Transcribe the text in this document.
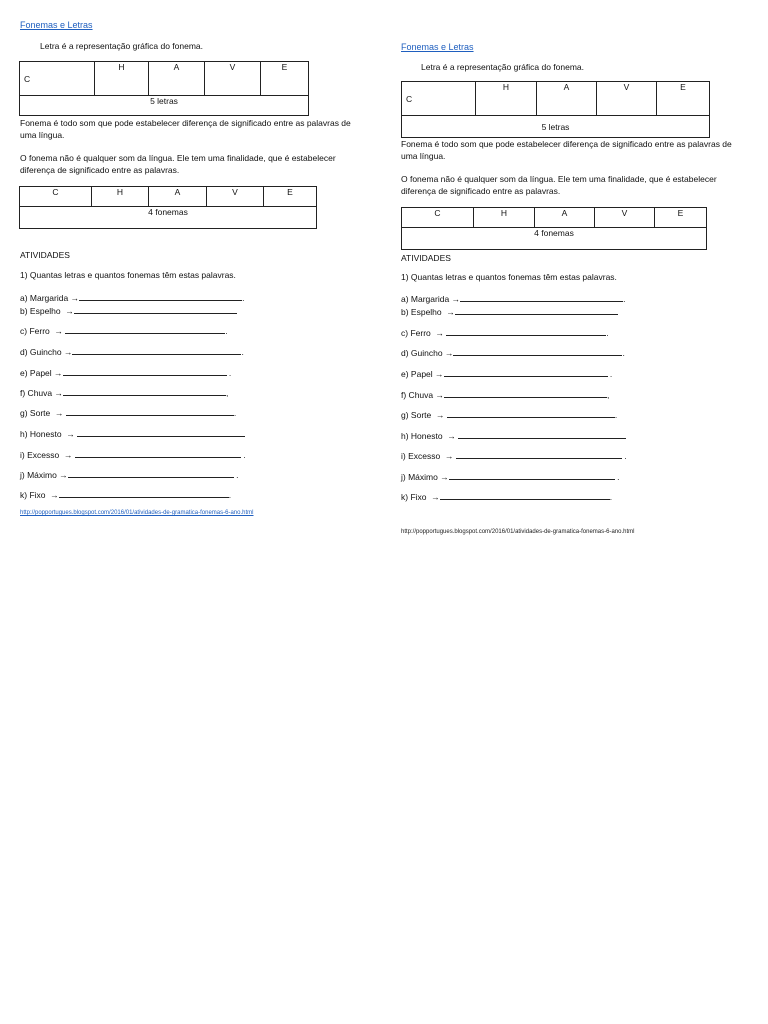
Fonemas e Letras
Letra é a representação gráfica do fonema.
C	H	A	V	E
5 letras
Fonema é todo som que pode estabelecer diferença de significado entre as palavras de uma língua.
O fonema não é qualquer som da língua. Ele tem uma finalidade, que é estabelecer diferença de significado entre as palavras.
C	H	A	V	E
4 fonemas
ATIVIDADES
1) Quantas letras e quantos fonemas têm estas palavras.
a) Margarida →	.
b) Espelho →
c) Ferro →	.
d) Guincho →	.
e) Papel →	.
f) Chuva →	,
g) Sorte →	.
h) Honesto →
i) Excesso →	.
j) Máximo →	.
k) Fixo →	.
http://popportugues.blogspot.com/2016/01/atividades-de-gramatica-fonemas-6-ano.html
Fonemas e Letras
Letra é a representação gráfica do fonema.
C	H	A	V	E
5 letras
Fonema é todo som que pode estabelecer diferença de significado entre as palavras de uma língua.
O fonema não é qualquer som da língua. Ele tem uma finalidade, que é estabelecer diferença de significado entre as palavras.
C	H	A	V	E
4 fonemas
ATIVIDADES
1) Quantas letras e quantos fonemas têm estas palavras.
a) Margarida →	.
b) Espelho →
c) Ferro →	.
d) Guincho →	.
e) Papel →	.
f) Chuva →	,
g) Sorte →	.
h) Honesto →
i) Excesso →	.
j) Máximo →	.
k) Fixo →	.
http://popportugues.blogspot.com/2016/01/atividades-de-gramatica-fonemas-6-ano.html
